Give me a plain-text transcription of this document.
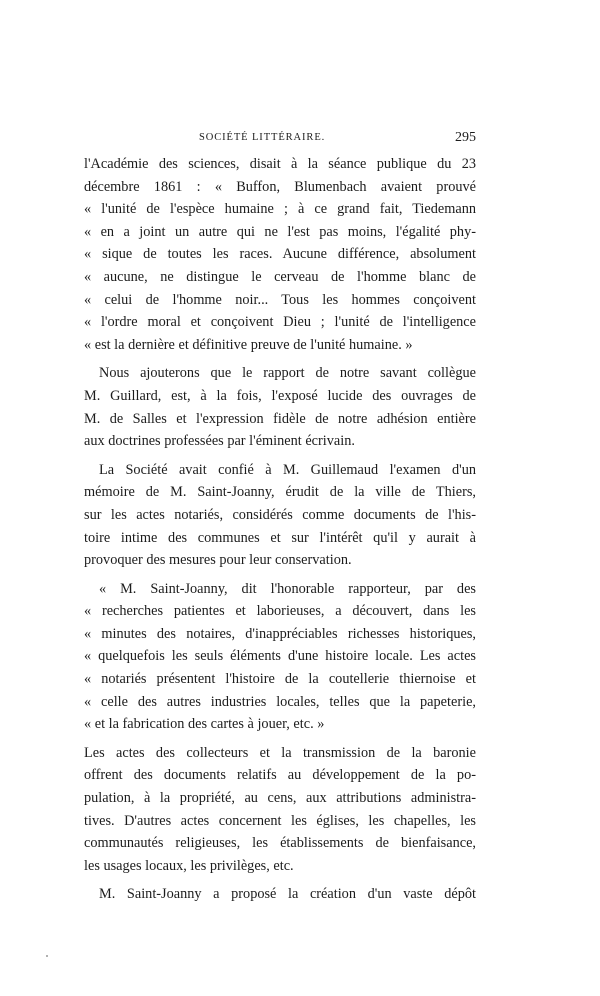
SOCIÉTÉ LITTÉRAIRE.	295
l'Académie des sciences, disait à la séance publique du 23
décembre 1861 : « Buffon, Blumenbach avaient prouvé
« l'unité de l'espèce humaine ; à ce grand fait, Tiedemann
« en a joint un autre qui ne l'est pas moins, l'égalité phy-
« sique de toutes les races. Aucune différence, absolument
« aucune, ne distingue le cerveau de l'homme blanc de
« celui de l'homme noir... Tous les hommes conçoivent
« l'ordre moral et conçoivent Dieu ; l'unité de l'intelligence
« est la dernière et définitive preuve de l'unité humaine. »
Nous ajouterons que le rapport de notre savant collègue
M. Guillard, est, à la fois, l'exposé lucide des ouvrages de
M. de Salles et l'expression fidèle de notre adhésion entière
aux doctrines professées par l'éminent écrivain.
La Société avait confié à M. Guillemaud l'examen d'un
mémoire de M. Saint-Joanny, érudit de la ville de Thiers,
sur les actes notariés, considérés comme documents de l'his-
toire intime des communes et sur l'intérêt qu'il y aurait à
provoquer des mesures pour leur conservation.
« M. Saint-Joanny, dit l'honorable rapporteur, par des
« recherches patientes et laborieuses, a découvert, dans les
« minutes des notaires, d'inappréciables richesses historiques,
« quelquefois les seuls éléments d'une histoire locale. Les actes
« notariés présentent l'histoire de la coutellerie thiernoise et
« celle des autres industries locales, telles que la papeterie,
« et la fabrication des cartes à jouer, etc. »
Les actes des collecteurs et la transmission de la baronie
offrent des documents relatifs au développement de la po-
pulation, à la propriété, au cens, aux attributions administra-
tives. D'autres actes concernent les églises, les chapelles, les
communautés religieuses, les établissements de bienfaisance,
les usages locaux, les privilèges, etc.
M. Saint-Joanny a proposé la création d'un vaste dépôt
